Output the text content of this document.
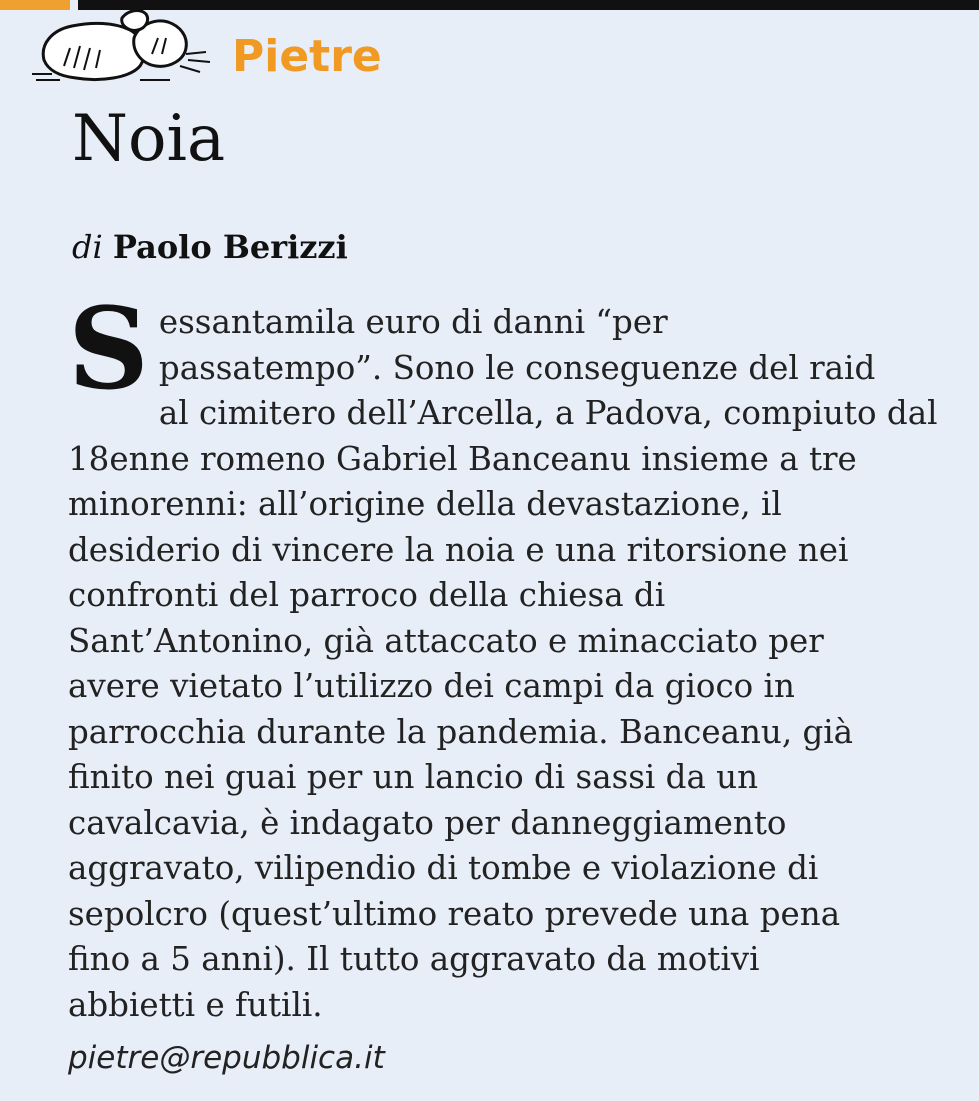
Pietre
Noia
di Paolo Berizzi
S essantamila euro di danni “per
passatempo”. Sono le conseguenze del raid
al cimitero dell’Arcella, a Padova, compiuto dal
18enne romeno Gabriel Banceanu insieme a tre
minorenni: all’origine della devastazione, il
desiderio di vincere la noia e una ritorsione nei
confronti del parroco della chiesa di
Sant’Antonino, già attaccato e minacciato per
avere vietato l’utilizzo dei campi da gioco in
parrocchia durante la pandemia. Banceanu, già
finito nei guai per un lancio di sassi da un
cavalcavia, è indagato per danneggiamento
aggravato, vilipendio di tombe e violazione di
sepolcro (quest’ultimo reato prevede una pena
fino a 5 anni). Il tutto aggravato da motivi
abbietti e futili.
pietre@repubblica.it
